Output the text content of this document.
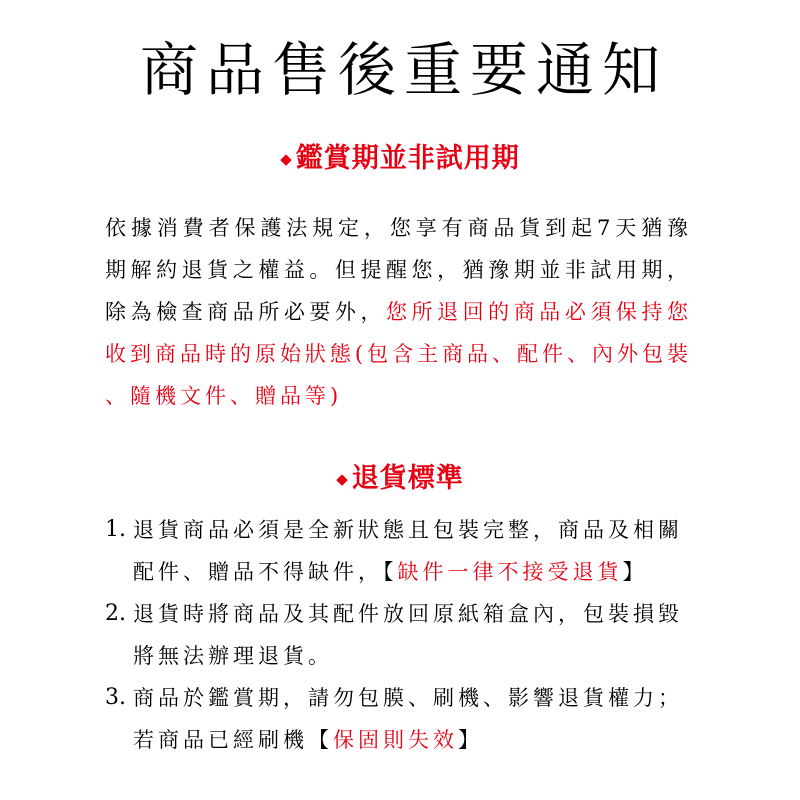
商品售後重要通知
◆ 鑑賞期並非試用期
依據消費者保護法規定，您享有商品貨到起7天猶豫
期解約退貨之權益。但提醒您，猶豫期並非試用期，
除為檢查商品所必要外，您所退回的商品必須保持您
收到商品時的原始狀態(包含主商品、配件、內外包裝
、隨機文件、贈品等)
◆ 退貨標準
1. 退貨商品必須是全新狀態且包裝完整，商品及相關
配件、贈品不得缺件，【缺件一律不接受退貨】
2. 退貨時將商品及其配件放回原紙箱盒內，包裝損毀
將無法辦理退貨。
3. 商品於鑑賞期，請勿包膜、刷機、影響退貨權力；
若商品已經刷機【保固則失效】
